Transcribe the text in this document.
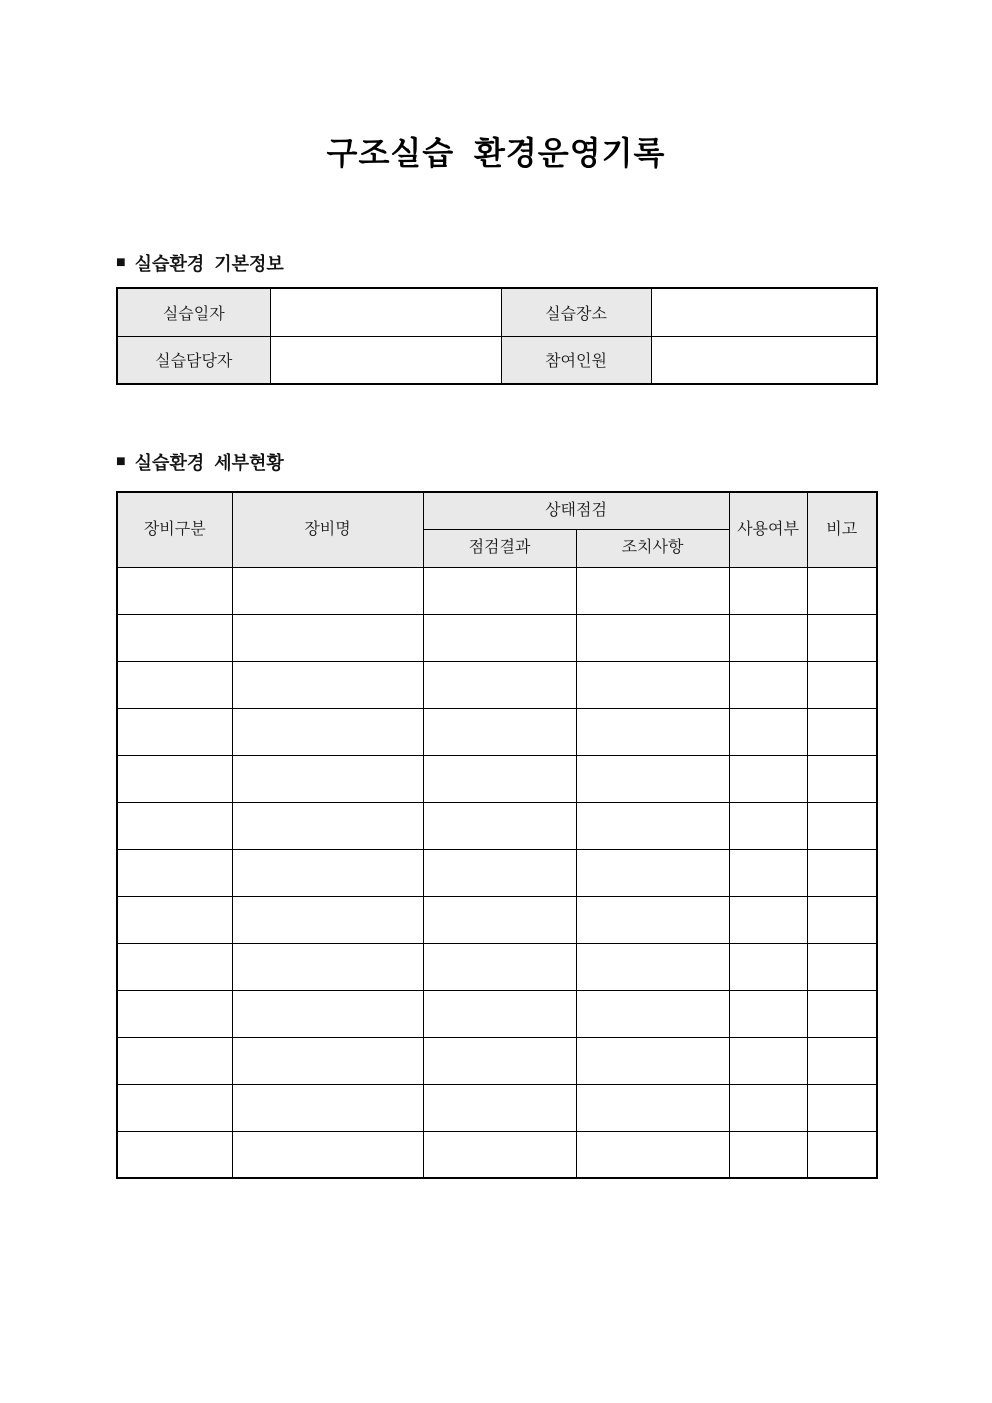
구조실습  환경운영기록
■ 실습환경  기본정보
실습일자		실습장소	
실습담당자		참여인원	
■ 실습환경  세부현황
장비구분	장비명	상태점검		사용여부	비고
		점검결과	조치사항		
